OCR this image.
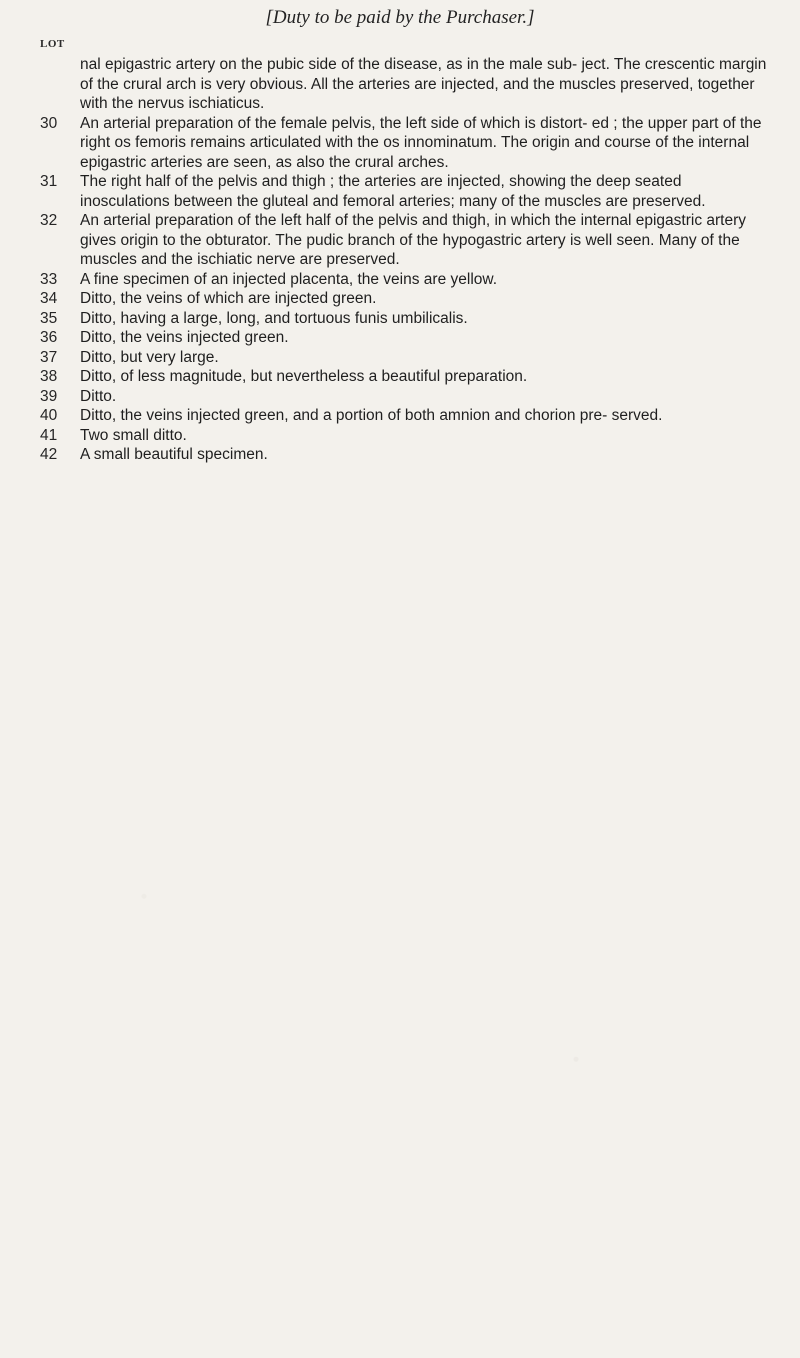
[Duty to be paid by the Purchaser.]
LOT
nal epigastric artery on the pubic side of the disease, as in the male sub- ject. The crescentic margin of the crural arch is very obvious. All the arteries are injected, and the muscles preserved, together with the nervus ischiaticus.
30	An arterial preparation of the female pelvis, the left side of which is distort- ed ; the upper part of the right os femoris remains articulated with the os innominatum. The origin and course of the internal epigastric arteries are seen, as also the crural arches.
31	The right half of the pelvis and thigh ; the arteries are injected, showing the deep seated inosculations between the gluteal and femoral arteries; many of the muscles are preserved.
32	An arterial preparation of the left half of the pelvis and thigh, in which the internal epigastric artery gives origin to the obturator. The pudic branch of the hypogastric artery is well seen. Many of the muscles and the ischiatic nerve are preserved.
33	A fine specimen of an injected placenta, the veins are yellow.
34	Ditto, the veins of which are injected green.
35	Ditto, having a large, long, and tortuous funis umbilicalis.
36	Ditto, the veins injected green.
37	Ditto, but very large.
38	Ditto, of less magnitude, but nevertheless a beautiful preparation.
39	Ditto.
40	Ditto, the veins injected green, and a portion of both amnion and chorion pre- served.
41	Two small ditto.
42	A small beautiful specimen.
